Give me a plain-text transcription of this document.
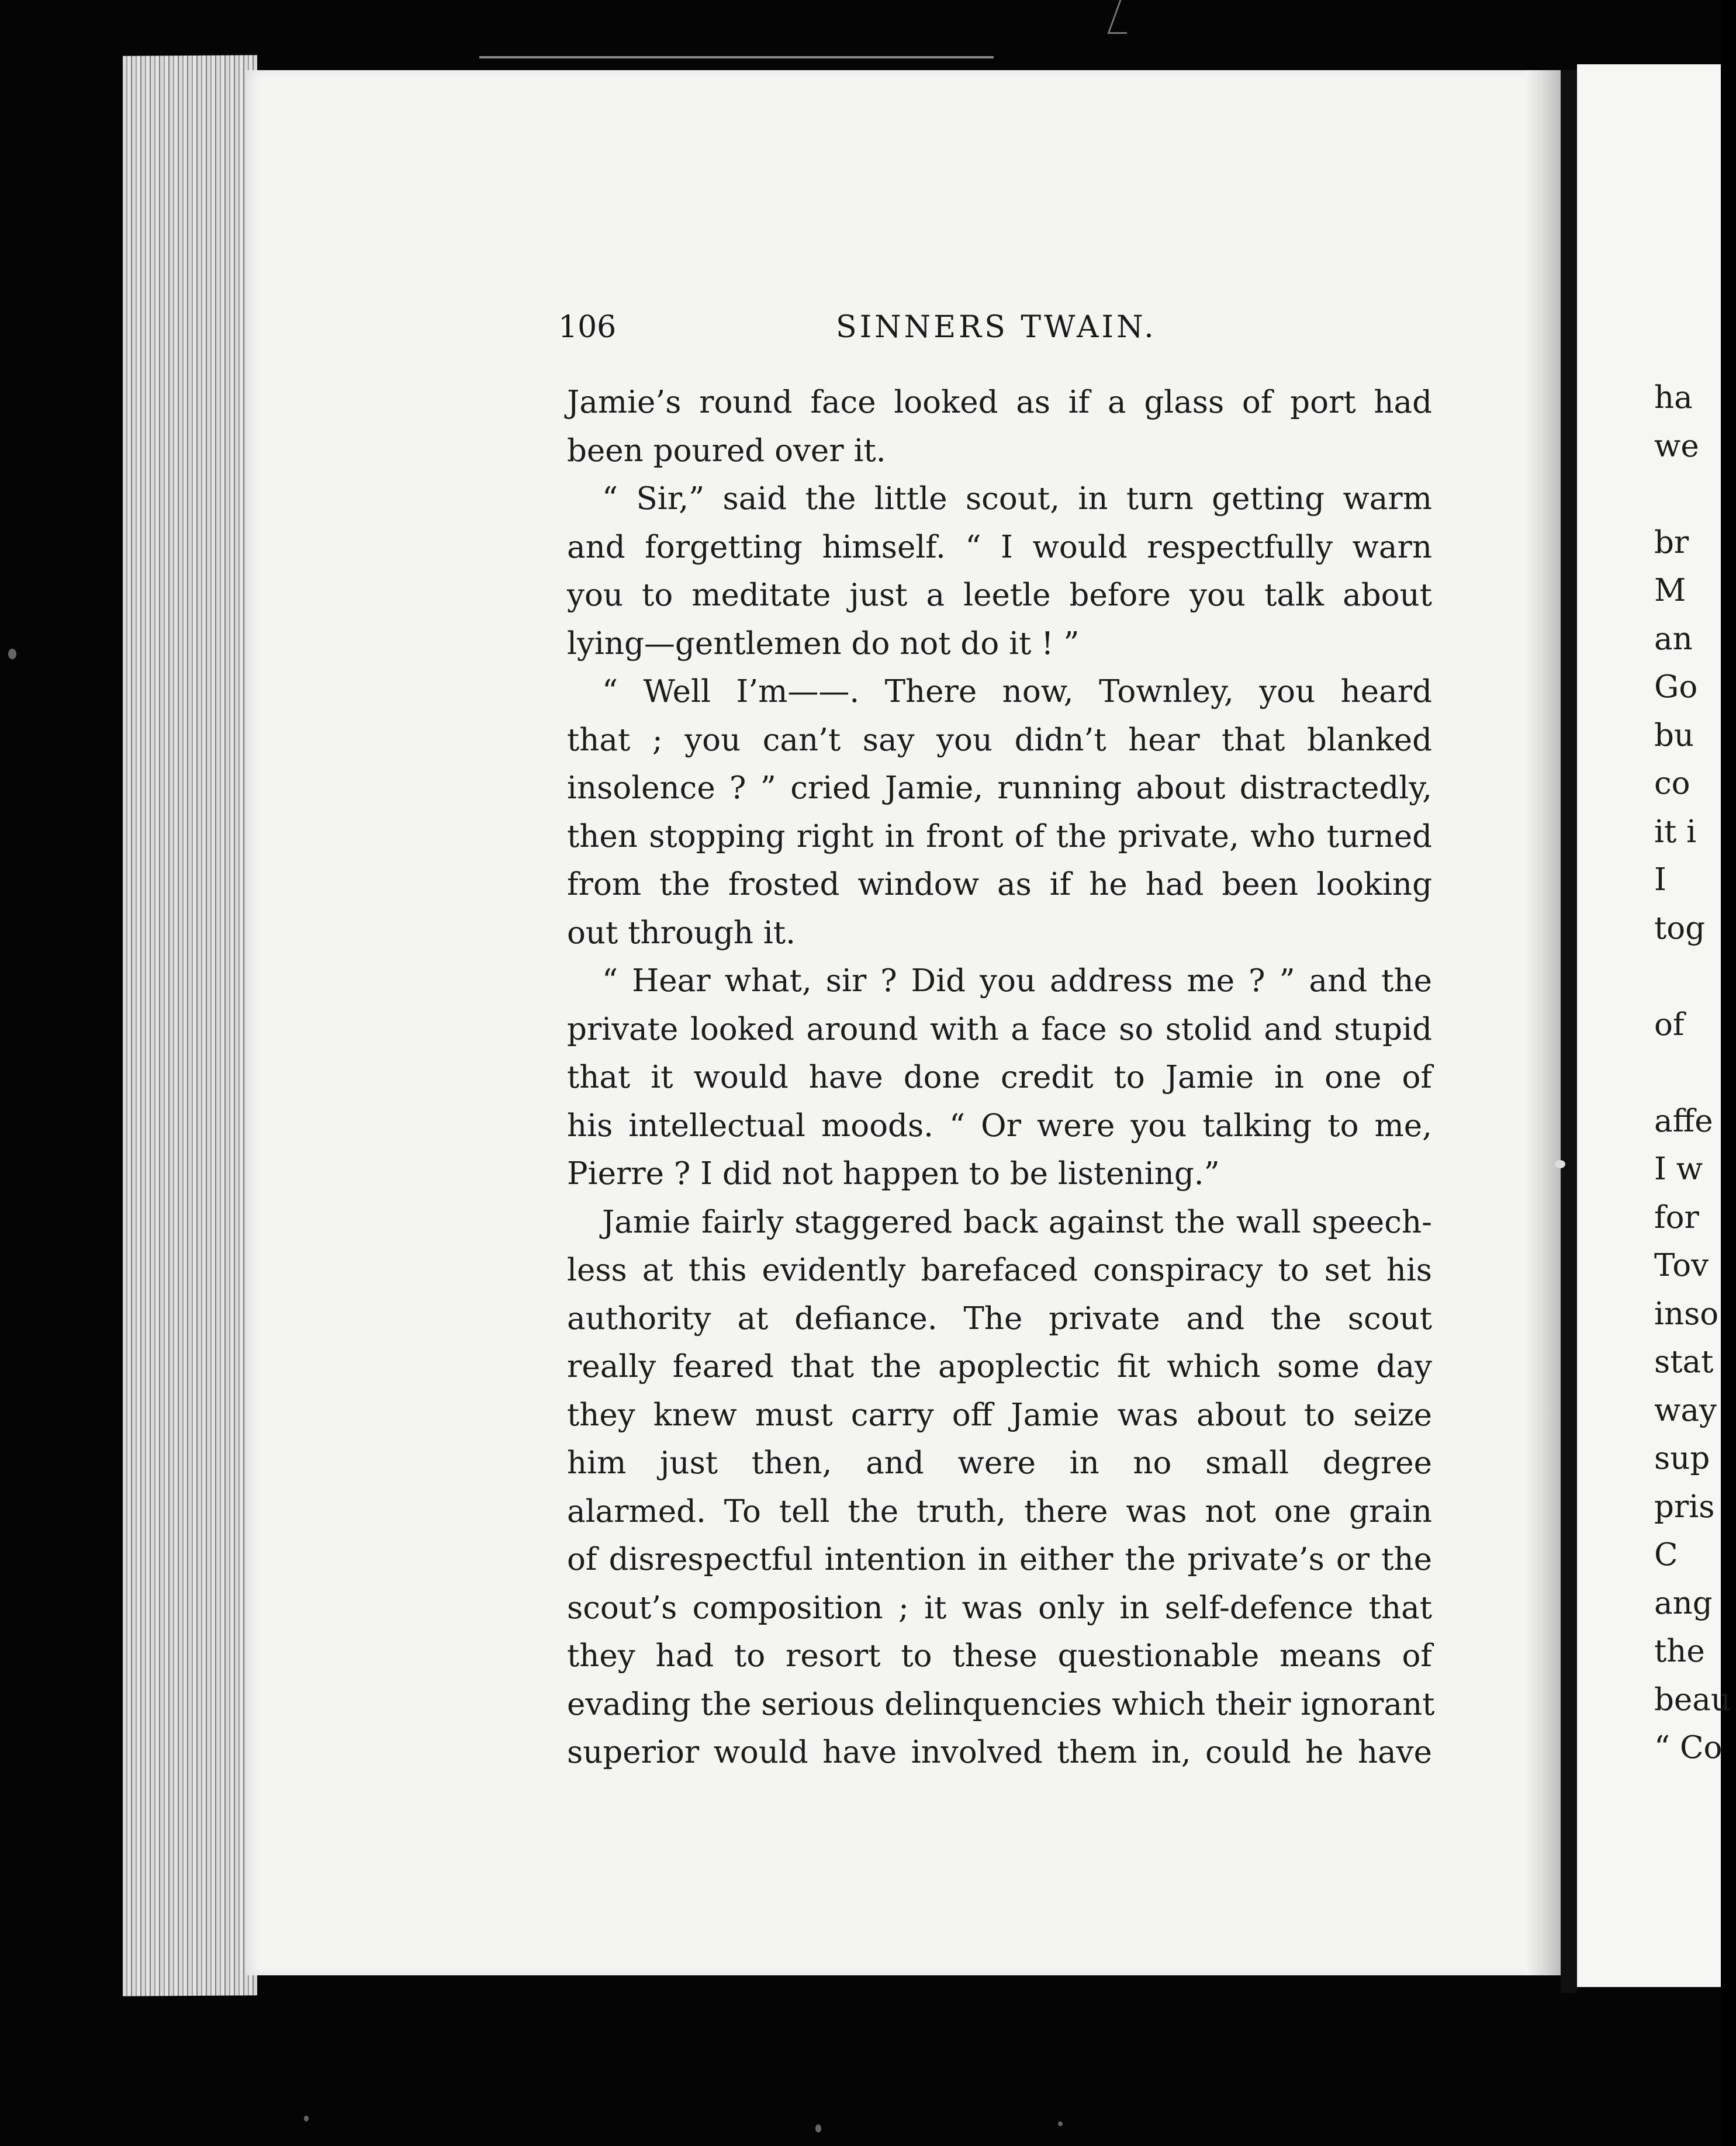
106	SINNERS TWAIN.
Jamie’s round face looked as if a glass of port had
been poured over it.
“ Sir,” said the little scout, in turn getting warm
and forgetting himself. “ I would respectfully warn
you to meditate just a leetle before you talk about
lying—gentlemen do not do it ! ”
“ Well I’m——. There now, Townley, you heard
that ; you can’t say you didn’t hear that blanked
insolence ? ” cried Jamie, running about distractedly,
then stopping right in front of the private, who turned
from the frosted window as if he had been looking
out through it.
“ Hear what, sir ? Did you address me ? ” and the
private looked around with a face so stolid and stupid
that it would have done credit to Jamie in one of
his intellectual moods. “ Or were you talking to me,
Pierre ? I did not happen to be listening.”
Jamie fairly staggered back against the wall speech-
less at this evidently barefaced conspiracy to set his
authority at defiance. The private and the scout
really feared that the apoplectic fit which some day
they knew must carry off Jamie was about to seize
him just then, and were in no small degree
alarmed. To tell the truth, there was not one grain
of disrespectful intention in either the private’s or the
scout’s composition ; it was only in self-defence that
they had to resort to these questionable means of
evading the serious delinquencies which their ignorant
superior would have involved them in, could he have
ha
we
br
M
an
Go
bu
co
it i
I
tog
of
affe
I w
for
Tov
inso
stat
way
sup
pris
C
ang
the
beau
“ Co
